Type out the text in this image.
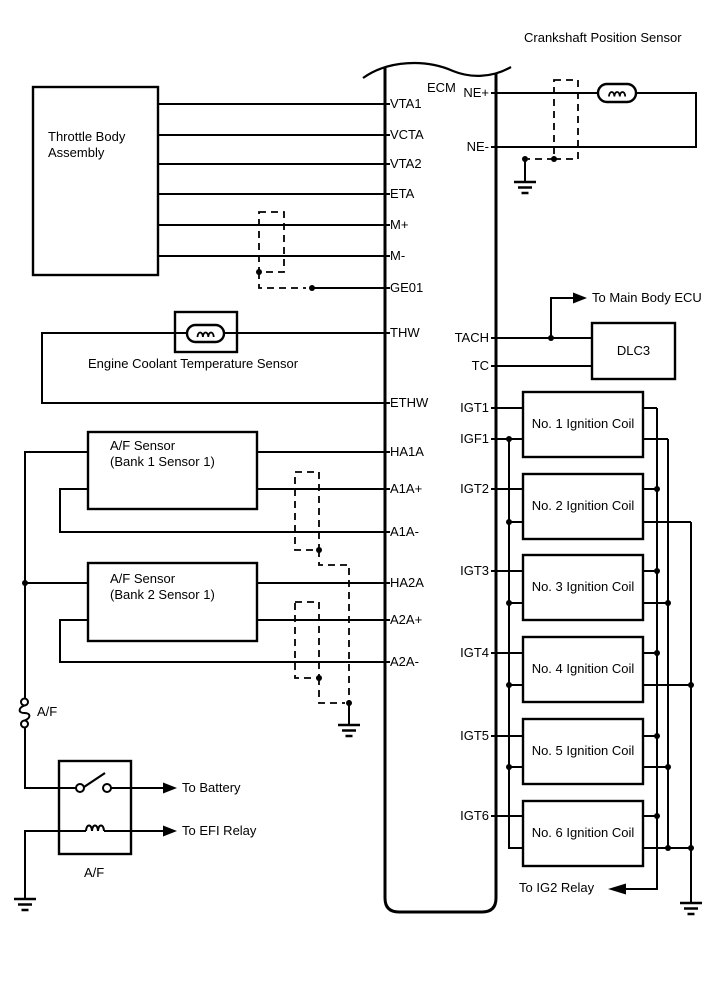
Crankshaft Position Sensor
Throttle Body Assembly
ECM
VTA1
VCTA
VTA2
ETA
M+
M-
GE01
THW
ETHW
HA1A
A1A+
A1A-
HA2A
A2A+
A2A-
NE+
NE-
TACH
TC
IGT1
IGF1
IGT2
IGT3
IGT4
IGT5
IGT6
To Main Body ECU
DLC3
Engine Coolant Temperature Sensor
A/F Sensor
(Bank 1 Sensor 1)
A/F Sensor
(Bank 2 Sensor 1)
No. 1 Ignition Coil
No. 2 Ignition Coil
No. 3 Ignition Coil
No. 4 Ignition Coil
No. 5 Ignition Coil
No. 6 Ignition Coil
A/F
To Battery
To EFI Relay
A/F
To IG2 Relay
